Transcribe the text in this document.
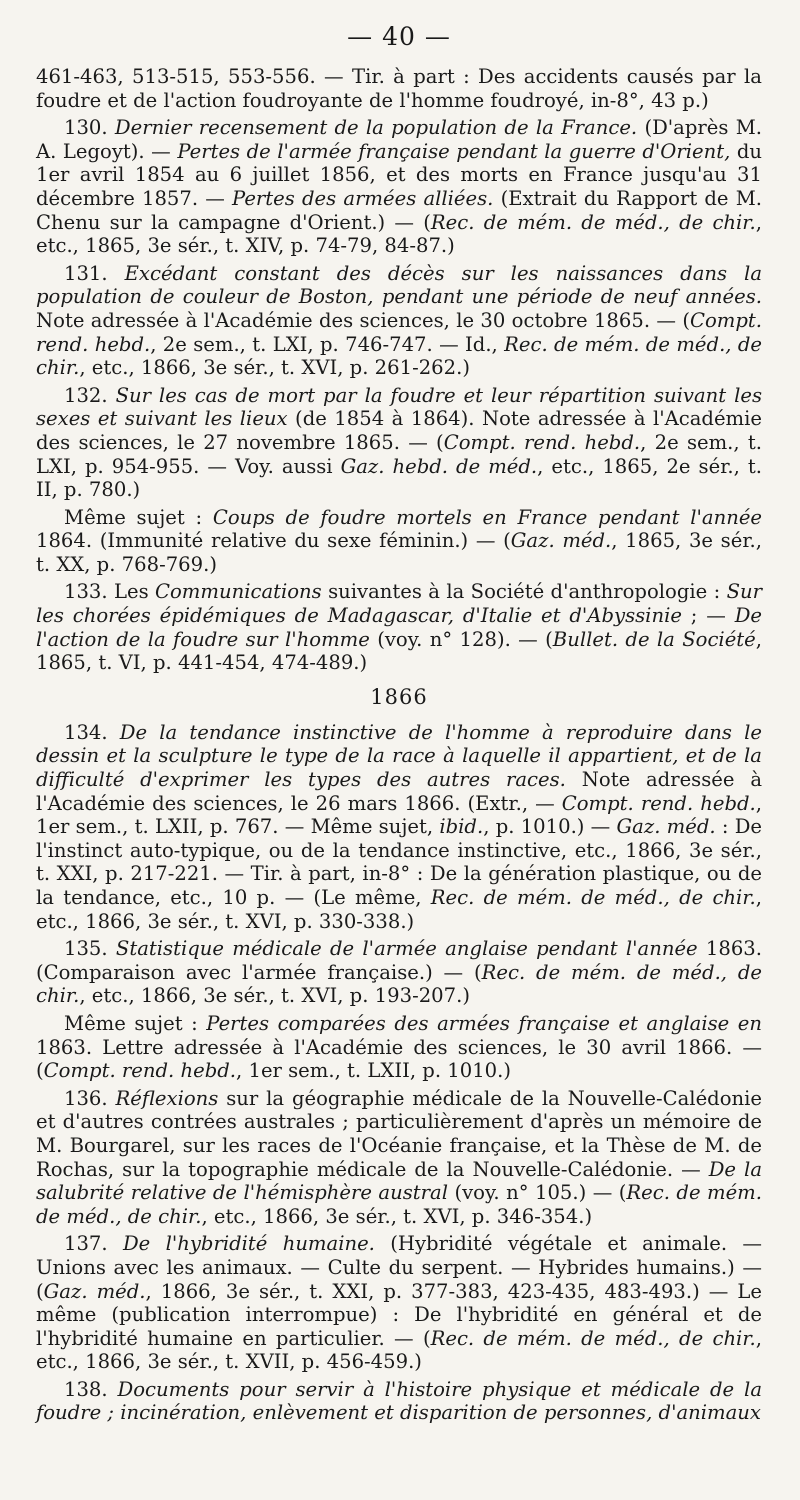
— 40 —

461-463, 513-515, 553-556. — Tir. à part : Des accidents causés par la foudre et de l'action foudroyante de l'homme foudroyé, in-8°, 43 p.)

130. Dernier recensement de la population de la France. (D'après M. A. Legoyt). — Pertes de l'armée française pendant la guerre d'Orient, du 1er avril 1854 au 6 juillet 1856, et des morts en France jusqu'au 31 décembre 1857. — Pertes des armées alliées. (Extrait du Rapport de M. Chenu sur la campagne d'Orient.) — (Rec. de mém. de méd., de chir., etc., 1865, 3e sér., t. XIV, p. 74-79, 84-87.)

131. Excédant constant des décès sur les naissances dans la population de couleur de Boston, pendant une période de neuf années. Note adressée à l'Académie des sciences, le 30 octobre 1865. — (Compt. rend. hebd., 2e sem., t. LXI, p. 746-747. — Id., Rec. de mém. de méd., de chir., etc., 1866, 3e sér., t. XVI, p. 261-262.)

132. Sur les cas de mort par la foudre et leur répartition suivant les sexes et suivant les lieux (de 1854 à 1864). Note adressée à l'Académie des sciences, le 27 novembre 1865. — (Compt. rend. hebd., 2e sem., t. LXI, p. 954-955. — Voy. aussi Gaz. hebd. de méd., etc., 1865, 2e sér., t. II, p. 780.)

Même sujet : Coups de foudre mortels en France pendant l'année 1864. (Immunité relative du sexe féminin.) — (Gaz. méd., 1865, 3e sér., t. XX, p. 768-769.)

133. Les Communications suivantes à la Société d'anthropologie : Sur les chorées épidémiques de Madagascar, d'Italie et d'Abyssinie ; — De l'action de la foudre sur l'homme (voy. n° 128). — (Bullet. de la Société, 1865, t. VI, p. 441-454, 474-489.)

1866

134. De la tendance instinctive de l'homme à reproduire dans le dessin et la sculpture le type de la race à laquelle il appartient, et de la difficulté d'exprimer les types des autres races. Note adressée à l'Académie des sciences, le 26 mars 1866. (Extr., — Compt. rend. hebd., 1er sem., t. LXII, p. 767. — Même sujet, ibid., p. 1010.) — Gaz. méd. : De l'instinct auto-typique, ou de la tendance instinctive, etc., 1866, 3e sér., t. XXI, p. 217-221. — Tir. à part, in-8° : De la génération plastique, ou de la tendance, etc., 10 p. — (Le même, Rec. de mém. de méd., de chir., etc., 1866, 3e sér., t. XVI, p. 330-338.)

135. Statistique médicale de l'armée anglaise pendant l'année 1863. (Comparaison avec l'armée française.) — (Rec. de mém. de méd., de chir., etc., 1866, 3e sér., t. XVI, p. 193-207.)

Même sujet : Pertes comparées des armées française et anglaise en 1863. Lettre adressée à l'Académie des sciences, le 30 avril 1866. — (Compt. rend. hebd., 1er sem., t. LXII, p. 1010.)

136. Réflexions sur la géographie médicale de la Nouvelle-Calédonie et d'autres contrées australes ; particulièrement d'après un mémoire de M. Bourgarel, sur les races de l'Océanie française, et la Thèse de M. de Rochas, sur la topographie médicale de la Nouvelle-Calédonie. — De la salubrité relative de l'hémisphère austral (voy. n° 105.) — (Rec. de mém. de méd., de chir., etc., 1866, 3e sér., t. XVI, p. 346-354.)

137. De l'hybridité humaine. (Hybridité végétale et animale. — Unions avec les animaux. — Culte du serpent. — Hybrides humains.) — (Gaz. méd., 1866, 3e sér., t. XXI, p. 377-383, 423-435, 483-493.) — Le même (publication interrompue) : De l'hybridité en général et de l'hybridité humaine en particulier. — (Rec. de mém. de méd., de chir., etc., 1866, 3e sér., t. XVII, p. 456-459.)

138. Documents pour servir à l'histoire physique et médicale de la foudre ; incinération, enlèvement et disparition de personnes, d'animaux
